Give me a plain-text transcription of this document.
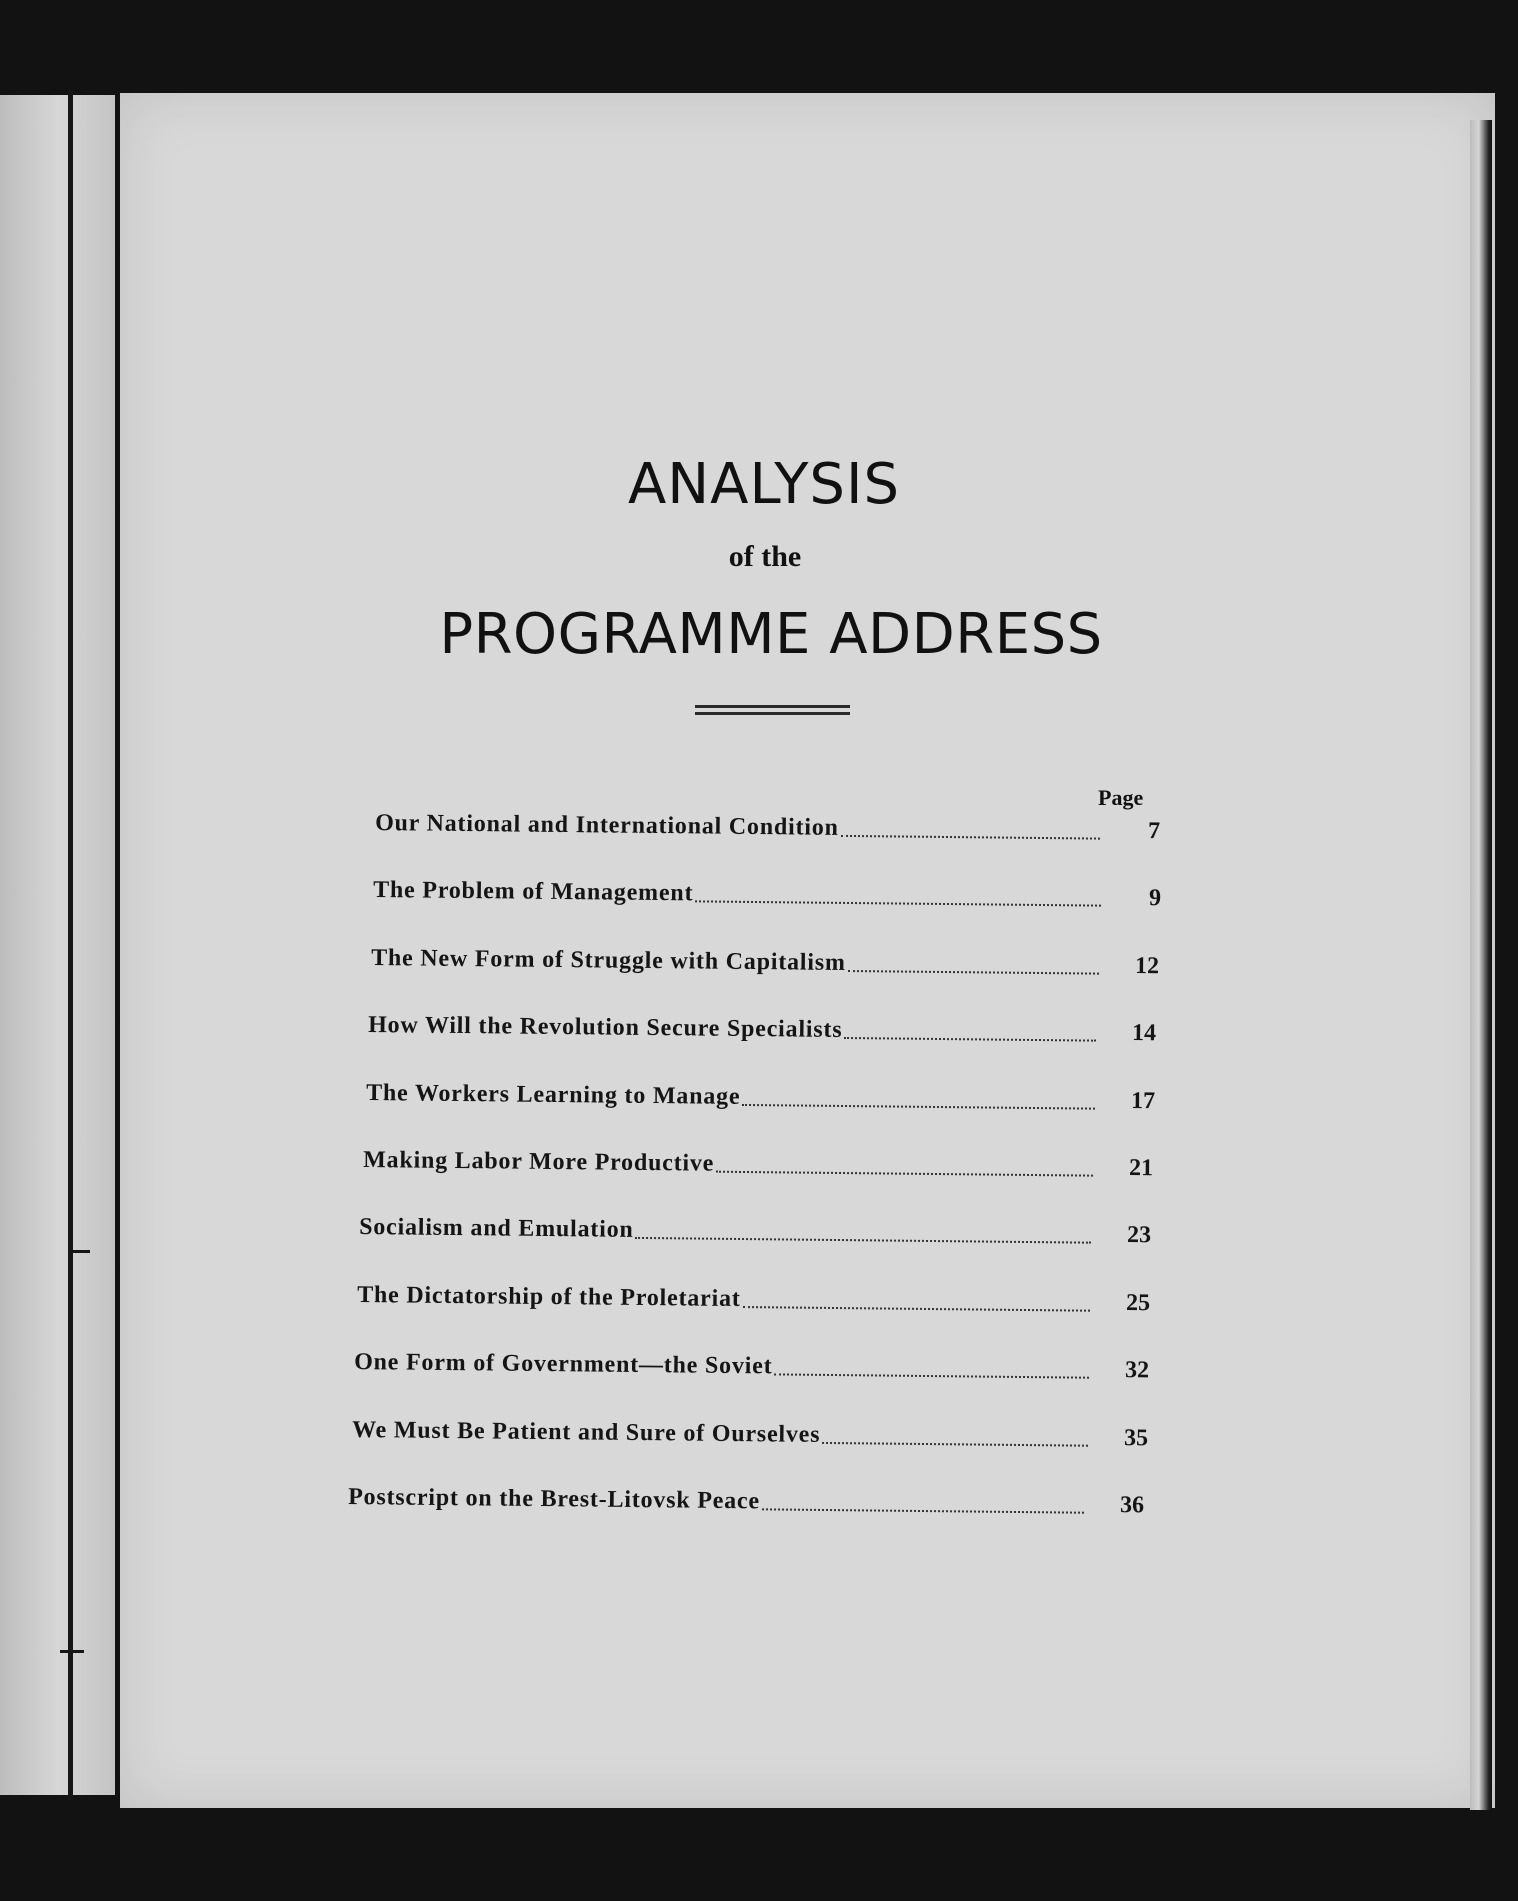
ANALYSIS
of the
PROGRAMME ADDRESS
Page
Our National and International Condition	7
The Problem of Management	9
The New Form of Struggle with Capitalism	12
How Will the Revolution Secure Specialists	14
The Workers Learning to Manage	17
Making Labor More Productive	21
Socialism and Emulation	23
The Dictatorship of the Proletariat	25
One Form of Government—the Soviet	32
We Must Be Patient and Sure of Ourselves	35
Postscript on the Brest-Litovsk Peace	36
